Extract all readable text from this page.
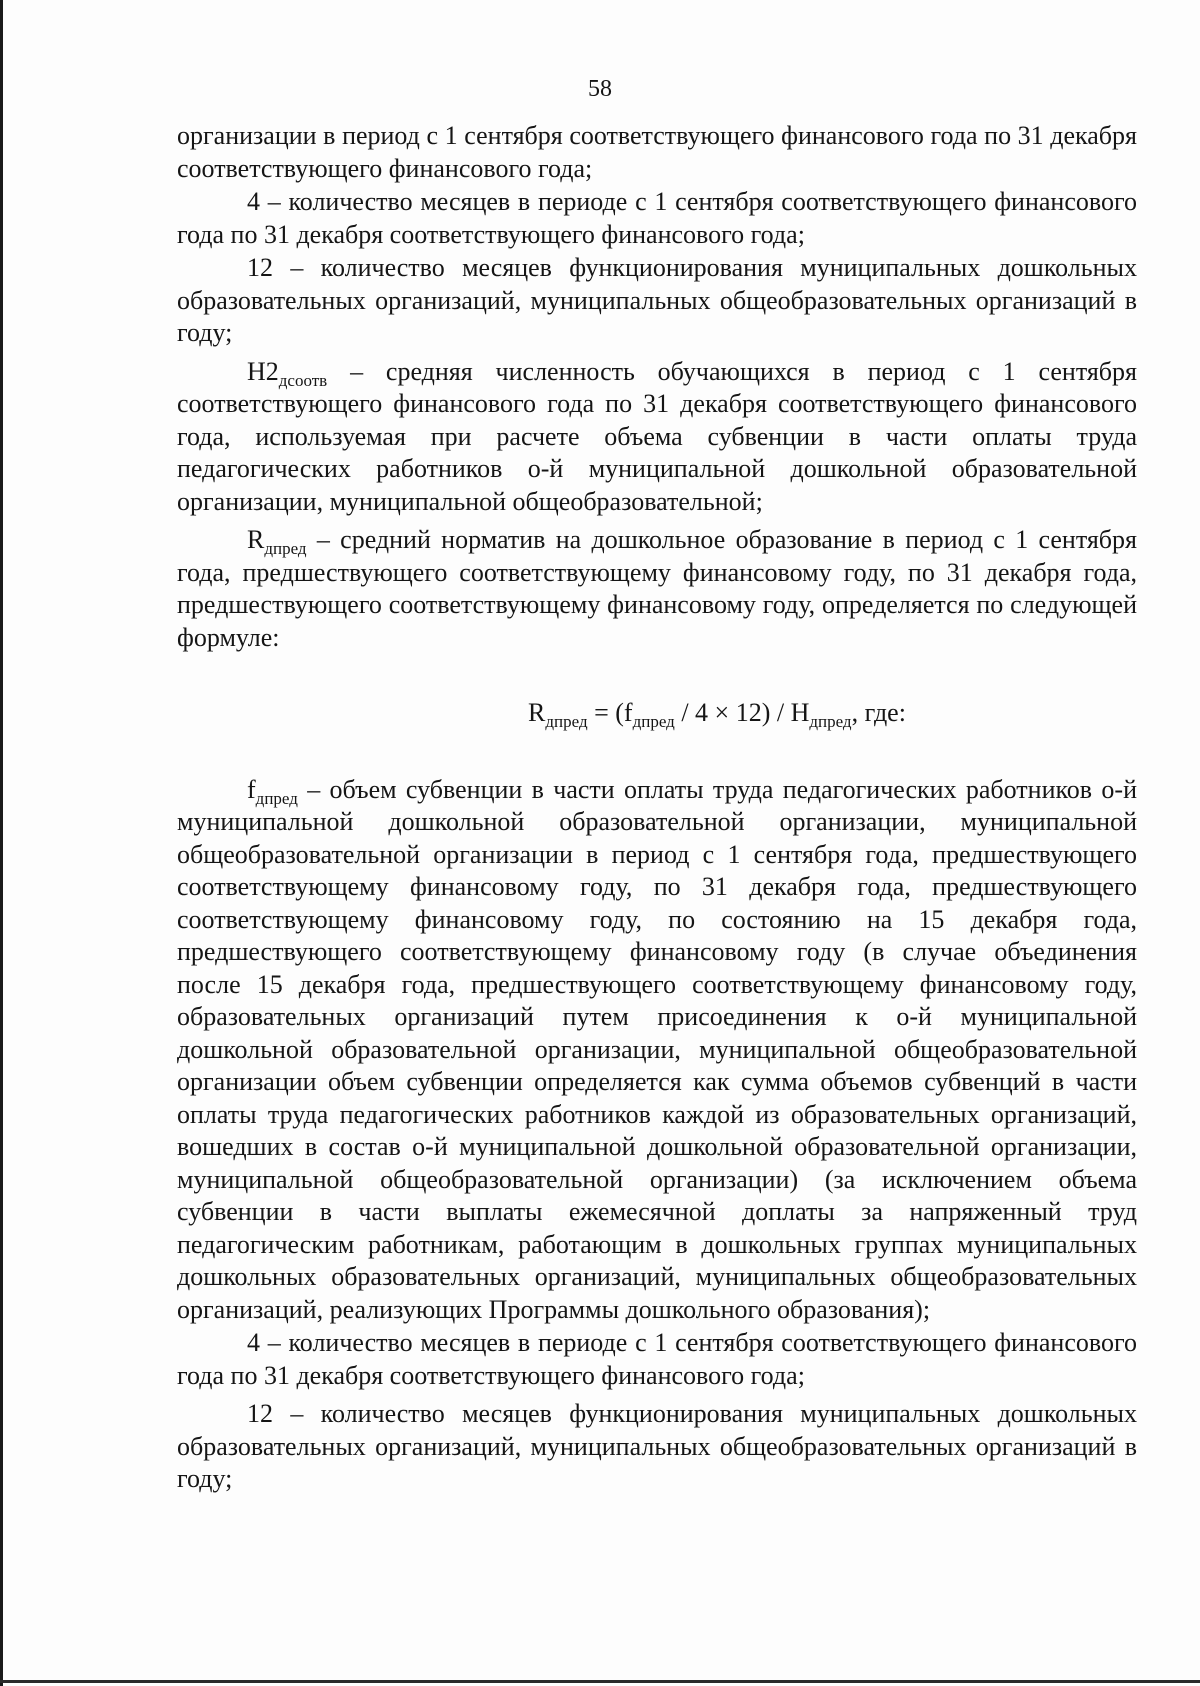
58

организации в период с 1 сентября соответствующего финансового года по 31 декабря соответствующего финансового года;

4 – количество месяцев в периоде с 1 сентября соответствующего финансового года по 31 декабря соответствующего финансового года;

12 – количество месяцев функционирования муниципальных дошкольных образовательных организаций, муниципальных общеобразовательных организаций в году;

$Н2_{дсоотв}$ – средняя численность обучающихся в период с 1 сентября соответствующего финансового года по 31 декабря соответствующего финансового года, используемая при расчете объема субвенции в части оплаты труда педагогических работников о-й муниципальной дошкольной образовательной организации, муниципальной общеобразовательной;

$R_{дпред}$ – средний норматив на дошкольное образование в период с 1 сентября года, предшествующего соответствующему финансовому году, по 31 декабря года, предшествующего соответствующему финансовому году, определяется по следующей формуле:

$R_{дпред} = (f_{дпред} / 4 \times 12) / Н_{дпред}$, где:

$f_{дпред}$ – объем субвенции в части оплаты труда педагогических работников о-й муниципальной дошкольной образовательной организации, муниципальной общеобразовательной организации в период с 1 сентября года, предшествующего соответствующему финансовому году, по 31 декабря года, предшествующего соответствующему финансовому году, по состоянию на 15 декабря года, предшествующего соответствующему финансовому году (в случае объединения после 15 декабря года, предшествующего соответствующему финансовому году, образовательных организаций путем присоединения к о-й муниципальной дошкольной образовательной организации, муниципальной общеобразовательной организации объем субвенции определяется как сумма объемов субвенций в части оплаты труда педагогических работников каждой из образовательных организаций, вошедших в состав о-й муниципальной дошкольной образовательной организации, муниципальной общеобразовательной организации) (за исключением объема субвенции в части выплаты ежемесячной доплаты за напряженный труд педагогическим работникам, работающим в дошкольных группах муниципальных дошкольных образовательных организаций, муниципальных общеобразовательных организаций, реализующих Программы дошкольного образования);

4 – количество месяцев в периоде с 1 сентября соответствующего финансового года по 31 декабря соответствующего финансового года;

12 – количество месяцев функционирования муниципальных дошкольных образовательных организаций, муниципальных общеобразовательных организаций в году;
